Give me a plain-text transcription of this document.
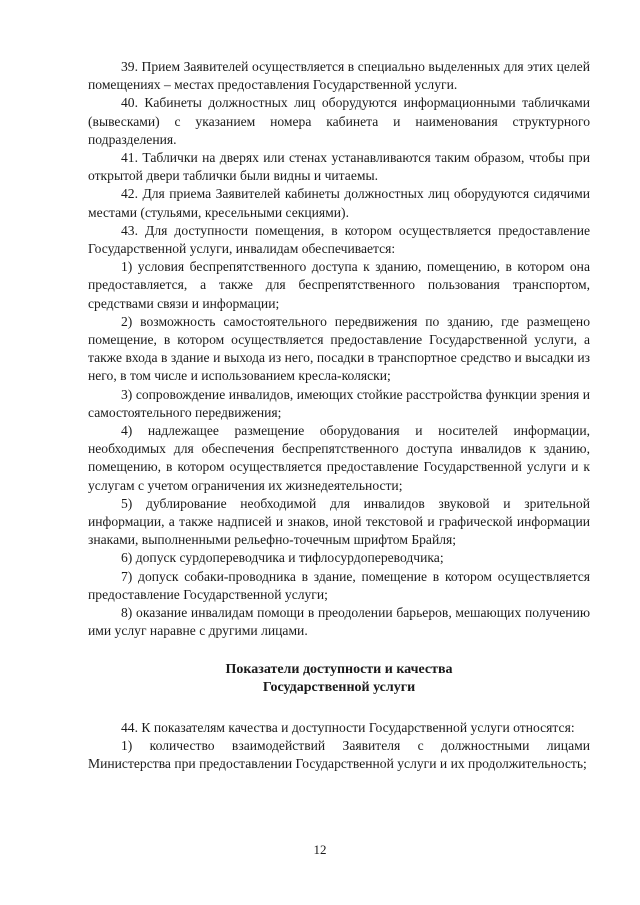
39. Прием Заявителей осуществляется в специально выделенных для этих целей помещениях – местах предоставления Государственной услуги.

40. Кабинеты должностных лиц оборудуются информационными табличками (вывесками) с указанием номера кабинета и наименования структурного подразделения.

41. Таблички на дверях или стенах устанавливаются таким образом, чтобы при открытой двери таблички были видны и читаемы.

42. Для приема Заявителей кабинеты должностных лиц оборудуются сидячими местами (стульями, кресельными секциями).

43. Для доступности помещения, в котором осуществляется предоставление Государственной услуги, инвалидам обеспечивается:

1) условия беспрепятственного доступа к зданию, помещению, в котором она предоставляется, а также для беспрепятственного пользования транспортом, средствами связи и информации;

2) возможность самостоятельного передвижения по зданию, где размещено помещение, в котором осуществляется предоставление Государственной услуги, а также входа в здание и выхода из него, посадки в транспортное средство и высадки из него, в том числе и использованием кресла-коляски;

3) сопровождение инвалидов, имеющих стойкие расстройства функции зрения и самостоятельного передвижения;

4) надлежащее размещение оборудования и носителей информации, необходимых для обеспечения беспрепятственного доступа инвалидов к зданию, помещению, в котором осуществляется предоставление Государственной услуги и к услугам с учетом ограничения их жизнедеятельности;

5) дублирование необходимой для инвалидов звуковой и зрительной информации, а также надписей и знаков, иной текстовой и графической информации знаками, выполненными рельефно-точечным шрифтом Брайля;

6) допуск сурдопереводчика и тифлосурдопереводчика;

7) допуск собаки-проводника в здание, помещение в котором осуществляется предоставление Государственной услуги;

8) оказание инвалидам помощи в преодолении барьеров, мешающих получению ими услуг наравне с другими лицами.

Показатели доступности и качества

Государственной услуги

44. К показателям качества и доступности Государственной услуги относятся:

1) количество взаимодействий Заявителя с должностными лицами Министерства при предоставлении Государственной услуги и их продолжительность;

12
